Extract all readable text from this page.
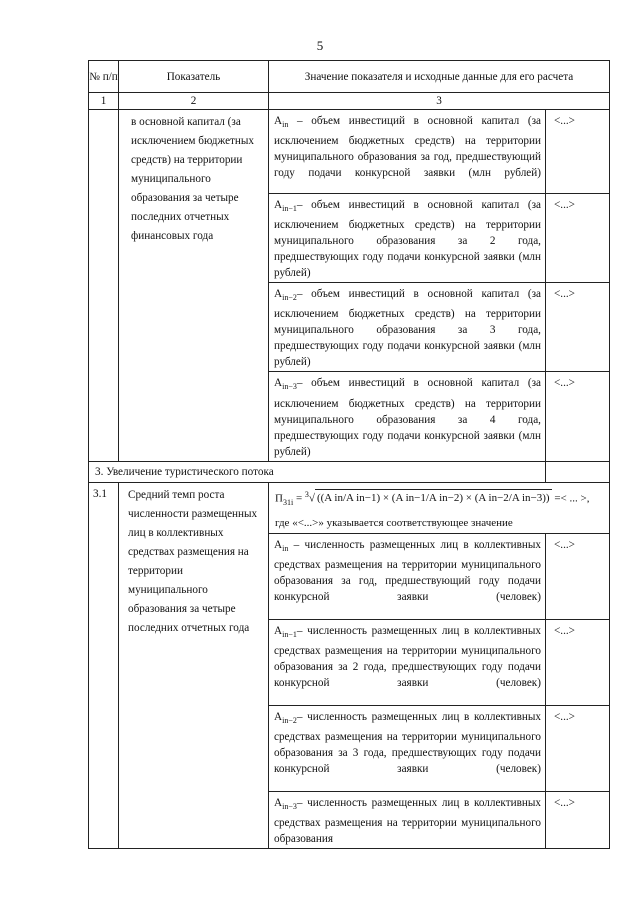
5
№ п/п	Показатель	Значение показателя и исходные данные для его расчета	
1	2	3	
	в основной капитал (за исключением бюджетных средств) на территории муниципального образования за четыре последних отчетных финансовых года	$A_{in}$ – объем инвестиций в основной капитал (за исключением бюджетных средств) на территории муниципального образования за год, предшествующий году подачи конкурсной заявки (млн рублей)	<...>
		$A_{in-1}-$ объем инвестиций в основной капитал (за исключением бюджетных средств) на территории муниципального образования за 2 года, предшествующих году подачи конкурсной заявки (млн рублей)	<...>
		$A_{in-2}-$ объем инвестиций в основной капитал (за исключением бюджетных средств) на территории муниципального образования за 3 года, предшествующих году подачи конкурсной заявки (млн рублей)	<...>
		$A_{in-3}-$ объем инвестиций в основной капитал (за исключением бюджетных средств) на территории муниципального образования за 4 года, предшествующих году подачи конкурсной заявки (млн рублей)	<...>
3. Увеличение туристического потока			
3.1	Средний темп роста численности размещенных лиц в коллективных средствах размещения на территории муниципального образования за четыре последних отчетных года	$П_{31i} = ^3√$ ((A in/A in−1) × (A in−1/A in−2) × (A in−2/A in−3)) =< ... >,
где «<...>» указывается соответствующее значение	

		$A_{in}$ – численность размещенных лиц в коллективных средствах размещения на территории муниципального образования за год, предшествующий году подачи конкурсной заявки (человек)	<...>
		$A_{in-1}-$ численность размещенных лиц в коллективных средствах размещения на территории муниципального образования за 2 года, предшествующих году подачи конкурсной заявки (человек)	<...>
		$A_{in-2}-$ численность размещенных лиц в коллективных средствах размещения на территории муниципального образования за 3 года, предшествующих году подачи конкурсной заявки (человек)	<...>
		$A_{in-3}-$ численность размещенных лиц в коллективных средствах размещения на территории муниципального образования	<...>
